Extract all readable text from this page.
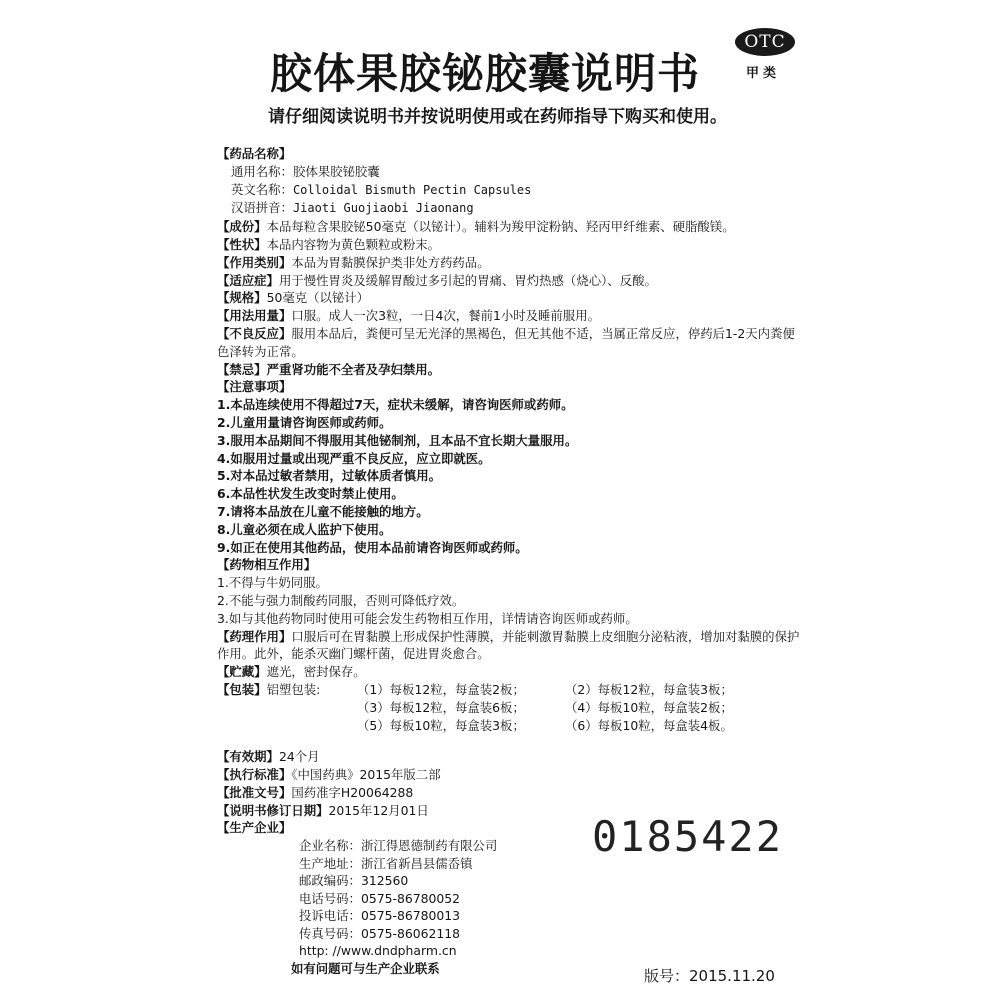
胶体果胶铋胶囊说明书
OTC
甲类
请仔细阅读说明书并按说明使用或在药师指导下购买和使用。
【药品名称】
通用名称：胶体果胶铋胶囊
英文名称：Colloidal Bismuth Pectin Capsules
汉语拼音：Jiaoti Guojiaobi Jiaonang
【成份】本品每粒含果胶铋50毫克（以铋计）。辅料为羧甲淀粉钠、羟丙甲纤维素、硬脂酸镁。
【性状】本品内容物为黄色颗粒或粉末。
【作用类别】本品为胃黏膜保护类非处方药药品。
【适应症】用于慢性胃炎及缓解胃酸过多引起的胃痛、胃灼热感（烧心）、反酸。
【规格】50毫克（以铋计）
【用法用量】口服。成人一次3粒，一日4次，餐前1小时及睡前服用。
【不良反应】服用本品后，粪便可呈无光泽的黑褐色，但无其他不适，当属正常反应，停药后1-2天内粪便色泽转为正常。
【禁忌】严重肾功能不全者及孕妇禁用。
【注意事项】
1.本品连续使用不得超过7天，症状未缓解，请咨询医师或药师。
2.儿童用量请咨询医师或药师。
3.服用本品期间不得服用其他铋制剂，且本品不宜长期大量服用。
4.如服用过量或出现严重不良反应，应立即就医。
5.对本品过敏者禁用，过敏体质者慎用。
6.本品性状发生改变时禁止使用。
7.请将本品放在儿童不能接触的地方。
8.儿童必须在成人监护下使用。
9.如正在使用其他药品，使用本品前请咨询医师或药师。
【药物相互作用】
1.不得与牛奶同服。
2.不能与强力制酸药同服，否则可降低疗效。
3.如与其他药物同时使用可能会发生药物相互作用，详情请咨询医师或药师。
【药理作用】口服后可在胃黏膜上形成保护性薄膜，并能刺激胃黏膜上皮细胞分泌粘液，增加对黏膜的保护作用。此外，能杀灭幽门螺杆菌，促进胃炎愈合。
【贮藏】遮光，密封保存。
【包装】铝塑包装:	（1）每板12粒，每盒装2板；	（2）每板12粒，每盒装3板；
（3）每板12粒，每盒装6板；	（4）每板10粒，每盒装2板；
（5）每板10粒，每盒装3板；	（6）每板10粒，每盒装4板。
【有效期】24个月
【执行标准】《中国药典》2015年版二部
【批准文号】国药准字H20064288
【说明书修订日期】2015年12月01日
【生产企业】
企业名称：浙江得恩德制药有限公司
生产地址：浙江省新昌县儒岙镇
邮政编码：312560
电话号码：0575-86780052
投诉电话：0575-86780013
传真号码：0575-86062118
http: //www.dndpharm.cn
如有问题可与生产企业联系
0185422
版号：2015.11.20
